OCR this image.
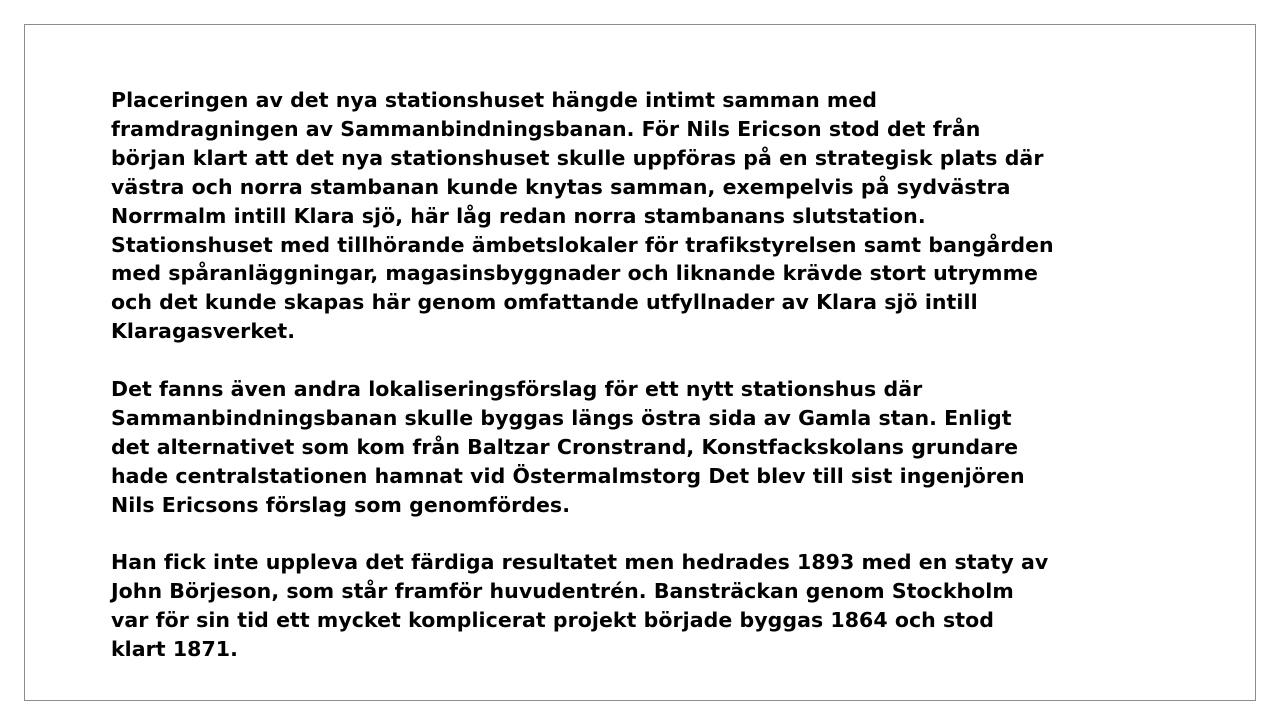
Placeringen av det nya stationshuset hängde intimt samman med
framdragningen av Sammanbindningsbanan. För Nils Ericson stod det från
början klart att det nya stationshuset skulle uppföras på en strategisk plats där
västra och norra stambanan kunde knytas samman, exempelvis på sydvästra
Norrmalm intill Klara sjö, här låg redan norra stambanans slutstation.
Stationshuset med tillhörande ämbetslokaler för trafikstyrelsen samt bangården
med spåranläggningar, magasinsbyggnader och liknande krävde stort utrymme
och det kunde skapas här genom omfattande utfyllnader av Klara sjö intill
Klaragasverket.

Det fanns även andra lokaliseringsförslag för ett nytt stationshus där
Sammanbindningsbanan skulle byggas längs östra sida av Gamla stan. Enligt
det alternativet som kom från Baltzar Cronstrand, Konstfackskolans grundare
hade centralstationen hamnat vid Östermalmstorg Det blev till sist ingenjören
Nils Ericsons förslag som genomfördes.

Han fick inte uppleva det färdiga resultatet men hedrades 1893 med en staty av
John Börjeson, som står framför huvudentrén. Bansträckan genom Stockholm
var för sin tid ett mycket komplicerat projekt började byggas 1864 och stod
klart 1871.
